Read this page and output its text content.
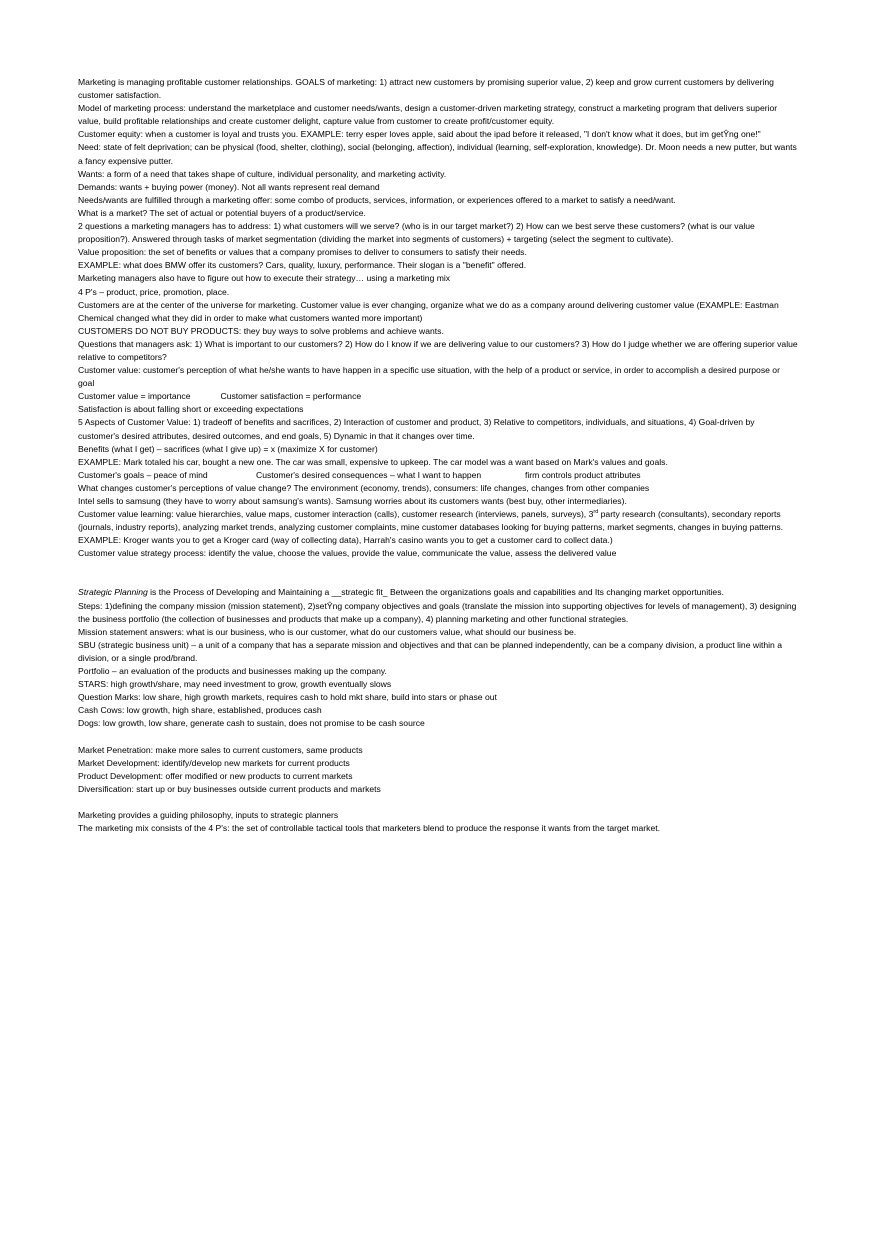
Marketing is managing profitable customer relationships. GOALS of marketing: 1) attract new customers by promising superior value, 2) keep and grow current customers by delivering customer satisfaction.

Model of marketing process: understand the marketplace and customer needs/wants, design a customer-driven marketing strategy, construct a marketing program that delivers superior value, build profitable relationships and create customer delight, capture value from customer to create profit/customer equity.

Customer equity: when a customer is loyal and trusts you. EXAMPLE: terry esper loves apple, said about the ipad before it released, "I don't know what it does, but im getŶng one!"

Need: state of felt deprivation; can be physical (food, shelter, clothing), social (belonging, affection), individual (learning, self-exploration, knowledge). Dr. Moon needs a new putter, but wants a fancy expensive putter.

Wants: a form of a need that takes shape of culture, individual personality, and marketing activity.

Demands: wants + buying power (money). Not all wants represent real demand

Needs/wants are fulfilled through a marketing offer: some combo of products, services, information, or experiences offered to a market to satisfy a need/want.

What is a market? The set of actual or potential buyers of a product/service.

2 questions a marketing managers has to address: 1) what customers will we serve? (who is in our target market?) 2) How can we best serve these customers? (what is our value proposition?). Answered through tasks of market segmentation (dividing the market into segments of customers) + targeting (select the segment to cultivate).

Value proposition: the set of benefits or values that a company promises to deliver to consumers to satisfy their needs.

EXAMPLE: what does BMW offer its customers? Cars, quality, luxury, performance. Their slogan is a "benefit" offered.

Marketing managers also have to figure out how to execute their strategy… using a marketing mix

4 P's – product, price, promotion, place.

Customers are at the center of the universe for marketing. Customer value is ever changing, organize what we do as a company around delivering customer value (EXAMPLE: Eastman Chemical changed what they did in order to make what customers wanted more important)

CUSTOMERS DO NOT BUY PRODUCTS: they buy ways to solve problems and achieve wants.

Questions that managers ask: 1) What is important to our customers? 2) How do I know if we are delivering value to our customers? 3) How do I judge whether we are offering superior value relative to competitors?

Customer value: customer's perception of what he/she wants to have happen in a specific use situation, with the help of a product or service, in order to accomplish a desired purpose or goal

Customer value = importance	Customer satisfaction = performance

Satisfaction is about falling short or exceeding expectations

5 Aspects of Customer Value: 1) tradeoff of benefits and sacrifices, 2) Interaction of customer and product, 3) Relative to competitors, individuals, and situations, 4) Goal-driven by customer's desired attributes, desired outcomes, and end goals, 5) Dynamic in that it changes over time.

Benefits (what I get) – sacrifices (what I give up) = x (maximize X for customer)

EXAMPLE: Mark totaled his car, bought a new one. The car was small, expensive to upkeep. The car model was a want based on Mark's values and goals.

Customer's goals – peace of mind	Customer's desired consequences – what I want to happen	firm controls product attributes

What changes customer's perceptions of value change? The environment (economy, trends), consumers: life changes, changes from other companies

Intel sells to samsung (they have to worry about samsung's wants). Samsung worries about its customers wants (best buy, other intermediaries).

Customer value learning: value hierarchies, value maps, customer interaction (calls), customer research (interviews, panels, surveys), 3rd party research (consultants), secondary reports (journals, industry reports), analyzing market trends, analyzing customer complaints, mine customer databases looking for buying patterns, market segments, changes in buying patterns. EXAMPLE: Kroger wants you to get a Kroger card (way of collecting data), Harrah's casino wants you to get a customer card to collect data.)

Customer value strategy process: identify the value, choose the values, provide the value, communicate the value, assess the delivered value

Strategic Planning is the Process of Developing and Maintaining a __strategic fit_ Between the organizations goals and capabilities and Its changing market opportunities.

Steps: 1)defining the company mission (mission statement), 2)setŶng company objectives and goals (translate the mission into supporting objectives for levels of management), 3) designing the business portfolio (the collection of businesses and products that make up a company), 4) planning marketing and other functional strategies.

Mission statement answers: what is our business, who is our customer, what do our customers value, what should our business be.

SBU (strategic business unit) – a unit of a company that has a separate mission and objectives and that can be planned independently, can be a company division, a product line within a division, or a single prod/brand.

Portfolio – an evaluation of the products and businesses making up the company.

STARS: high growth/share, may need investment to grow, growth eventually slows

Question Marks: low share, high growth markets, requires cash to hold mkt share, build into stars or phase out

Cash Cows: low growth, high share, established, produces cash

Dogs: low growth, low share, generate cash to sustain, does not promise to be cash source

Market Penetration: make more sales to current customers, same products

Market Development: identify/develop new markets for current products

Product Development: offer modified or new products to current markets

Diversification: start up or buy businesses outside current products and markets

Marketing provides a guiding philosophy, inputs to strategic planners

The marketing mix consists of the 4 P's: the set of controllable tactical tools that marketers blend to produce the response it wants from the target market.
